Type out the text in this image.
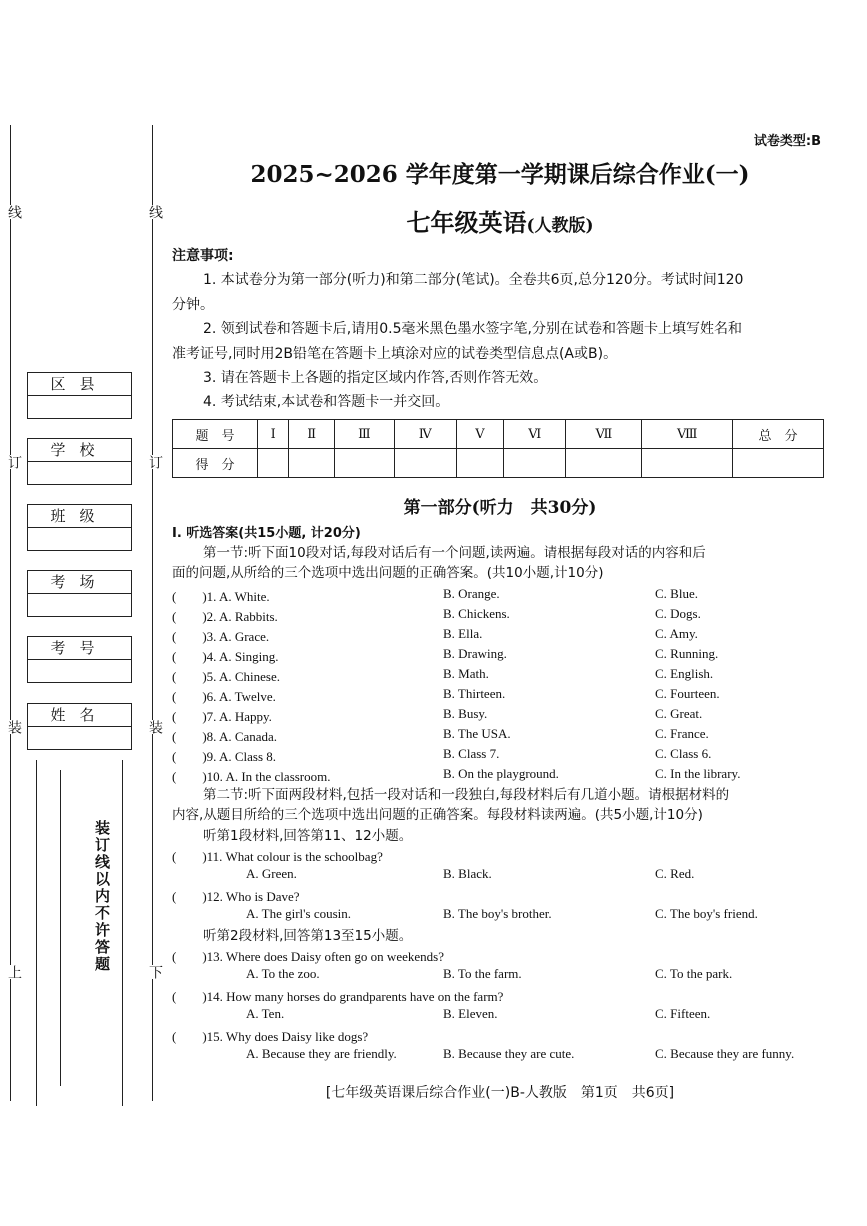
线	线
订	订
装	装
上	下
装订线以内不许答题
区县
学校
班级
考场
考号
姓名
试卷类型:B
2025~2026 学年度第一学期课后综合作业(一)
七年级英语(人教版)
注意事项:
1. 本试卷分为第一部分(听力)和第二部分(笔试)。全卷共6页,总分120分。考试时间120
分钟。
2. 领到试卷和答题卡后,请用0.5毫米黑色墨水签字笔,分别在试卷和答题卡上填写姓名和
准考证号,同时用2B铅笔在答题卡上填涂对应的试卷类型信息点(A或B)。
3. 请在答题卡上各题的指定区域内作答,否则作答无效。
4. 考试结束,本试卷和答题卡一并交回。
题　号	Ⅰ	Ⅱ	Ⅲ	Ⅳ	Ⅴ	Ⅵ	Ⅶ	Ⅷ	总　分
得　分									
第一部分(听力　共30分)
Ⅰ. 听选答案(共15小题, 计20分)
第一节:听下面10段对话,每段对话后有一个问题,读两遍。请根据每段对话的内容和后
面的问题,从所给的三个选项中选出问题的正确答案。(共10小题,计10分)
(　　)1. A. White.	B. Orange.	C. Blue.
(　　)2. A. Rabbits.	B. Chickens.	C. Dogs.
(　　)3. A. Grace.	B. Ella.	C. Amy.
(　　)4. A. Singing.	B. Drawing.	C. Running.
(　　)5. A. Chinese.	B. Math.	C. English.
(　　)6. A. Twelve.	B. Thirteen.	C. Fourteen.
(　　)7. A. Happy.	B. Busy.	C. Great.
(　　)8. A. Canada.	B. The USA.	C. France.
(　　)9. A. Class 8.	B. Class 7.	C. Class 6.
(　　)10. A. In the classroom.	B. On the playground.	C. In the library.
第二节:听下面两段材料,包括一段对话和一段独白,每段材料后有几道小题。请根据材料的
内容,从题目所给的三个选项中选出问题的正确答案。每段材料读两遍。(共5小题,计10分)
听第1段材料,回答第11、12小题。
听第2段材料,回答第13至15小题。
(　　)11. What colour is the schoolbag?
A. Green.	B. Black.	C. Red.
(　　)12. Who is Dave?
A. The girl's cousin.	B. The boy's brother.	C. The boy's friend.
(　　)13. Where does Daisy often go on weekends?
A. To the zoo.	B. To the farm.	C. To the park.
(　　)14. How many horses do grandparents have on the farm?
A. Ten.	B. Eleven.	C. Fifteen.
(　　)15. Why does Daisy like dogs?
A. Because they are friendly.	B. Because they are cute.	C. Because they are funny.
[七年级英语课后综合作业(一)B-人教版　第1页　共6页]
